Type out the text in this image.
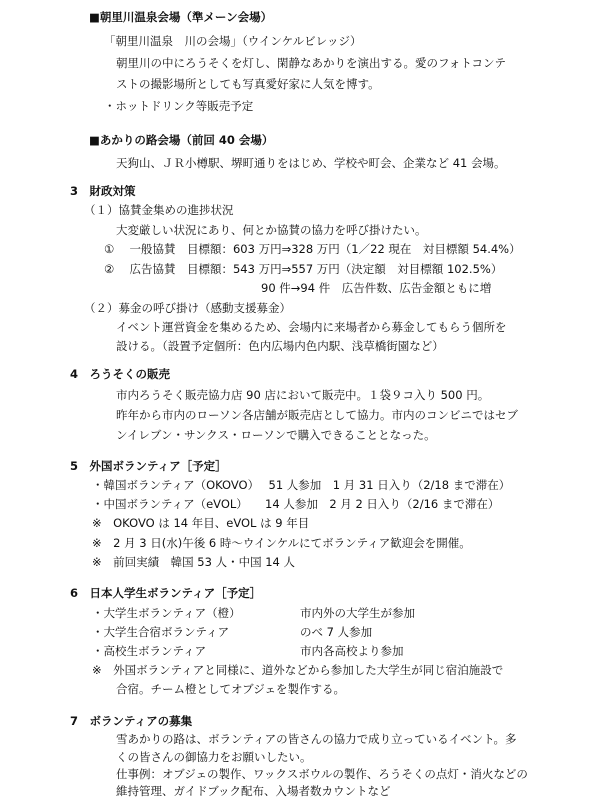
■朝里川温泉会場（準メーン会場）
「朝里川温泉　川の会場」（ウインケルビレッジ）
朝里川の中にろうそくを灯し、閑静なあかりを演出する。愛のフォトコンテ
ストの撮影場所としても写真愛好家に人気を博す。
・ホットドリンク等販売予定
■あかりの路会場（前回 40 会場）
天狗山、ＪＲ小樽駅、堺町通りをはじめ、学校や町会、企業など 41 会場。
3　財政対策
（１）協賛金集めの進捗状況
大変厳しい状況にあり、何とか協賛の協力を呼び掛けたい。
①　 一般協賛　目標額：603 万円⇒328 万円（1／22 現在　対目標額 54.4%）
②　 広告協賛　目標額：543 万円⇒557 万円（決定額　対目標額 102.5%）
90 件→94 件　広告件数、広告金額ともに増
（２）募金の呼び掛け（感動支援募金）
イベント運営資金を集めるため、会場内に来場者から募金してもらう個所を
設ける。（設置予定個所：色内広場内色内駅、浅草橋街園など）
4　ろうそくの販売
市内ろうそく販売協力店 90 店において販売中。１袋９コ入り 500 円。
昨年から市内のローソン各店舗が販売店として協力。市内のコンビニではセブ
ンイレブン・サンクス・ローソンで購入できることとなった。
5　外国ボランティア［予定］
・韓国ボランティア（OKOVO）　 51 人参加　1 月 31 日入り（2/18 まで滞在）
・中国ボランティア（eVOL）　　14 人参加　2 月 2 日入り（2/16 まで滞在）
※　OKOVO は 14 年目、eVOL は 9 年目
※　2 月 3 日(水)午後 6 時～ウインケルにてボランティア歓迎会を開催。
※　前回実績　韓国 53 人・中国 14 人
6　日本人学生ボランティア［予定］
・大学生ボランティア（橙）	市内外の大学生が参加
・大学生合宿ボランティア	のべ 7 人参加
・高校生ボランティア	市内各高校より参加
※　外国ボランティアと同様に、道外などから参加した大学生が同じ宿泊施設で
合宿。チーム橙としてオブジェを製作する。
7　ボランティアの募集
雪あかりの路は、ボランティアの皆さんの協力で成り立っているイベント。多
くの皆さんの御協力をお願いしたい。
仕事例：オブジェの製作、ワックスボウルの製作、ろうそくの点灯・消火などの
維持管理、ガイドブック配布、入場者数カウントなど
